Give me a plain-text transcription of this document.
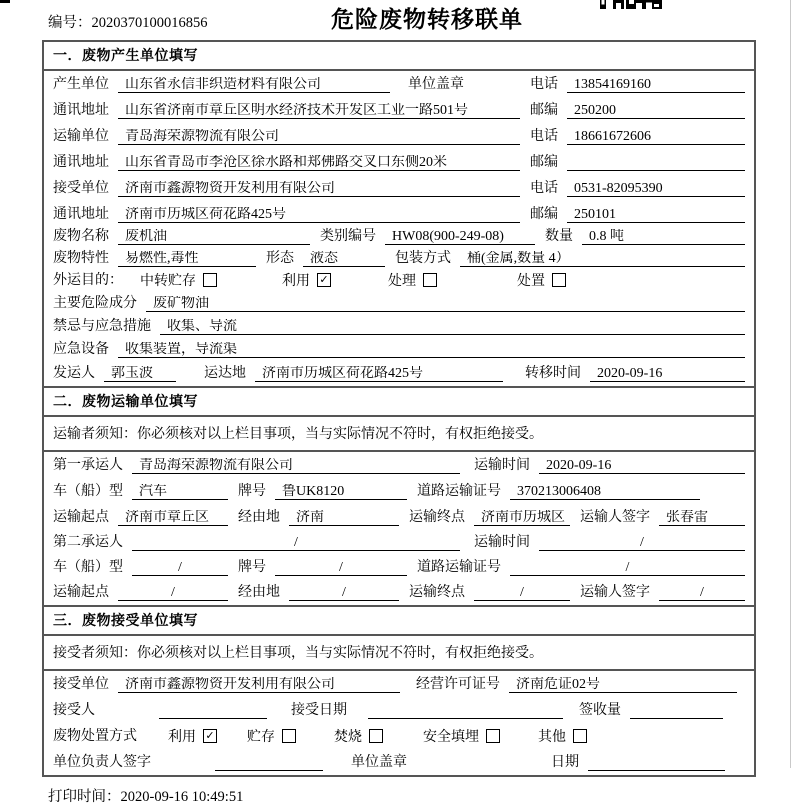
编号：2020370100016856	危险废物转移联单
一．废物产生单位填写
产生单位	山东省永信非织造材料有限公司	单位盖章	电话	13854169160
通讯地址	山东省济南市章丘区明水经济技术开发区工业一路501号	邮编	250200
运输单位	青岛海荣源物流有限公司	电话	18661672606
通讯地址	山东省青岛市李沧区徐水路和郑佛路交叉口东侧20米	邮编
接受单位	济南市鑫源物资开发利用有限公司	电话	0531-82095390
通讯地址	济南市历城区荷花路425号	邮编	250101
废物名称	废机油	类别编号	HW08(900-249-08)	数量	0.8 吨
废物特性	易燃性,毒性	形态	液态	包装方式	桶(金属,数量 4）
外运目的： 中转贮存	利用 ✓	处理	处置
主要危险成分	废矿物油
禁忌与应急措施	收集、导流
应急设备	收集装置，导流渠
发运人	郭玉波	运达地	济南市历城区荷花路425号	转移时间	2020-09-16
二．废物运输单位填写
运输者须知：你必须核对以上栏目事项，当与实际情况不符时，有权拒绝接受。
第一承运人	青岛海荣源物流有限公司	运输时间	2020-09-16
车（船）型	汽车	牌号	鲁UK8120	道路运输证号	370213006408
运输起点	济南市章丘区	经由地	济南	运输终点	济南市历城区	运输人签字	张春雷
第二承运人	/	运输时间	/
车（船）型	/	牌号	/	道路运输证号	/
运输起点	/	经由地	/	运输终点	/	运输人签字	/
三．废物接受单位填写
接受者须知：你必须核对以上栏目事项，当与实际情况不符时，有权拒绝接受。
接受单位	济南市鑫源物资开发利用有限公司	经营许可证号	济南危证02号
接受人	接受日期	签收量
废物处置方式 利用 ✓ 贮存	焚烧	安全填埋	其他
单位负责人签字	单位盖章	日期
打印时间：2020-09-16 10:49:51
